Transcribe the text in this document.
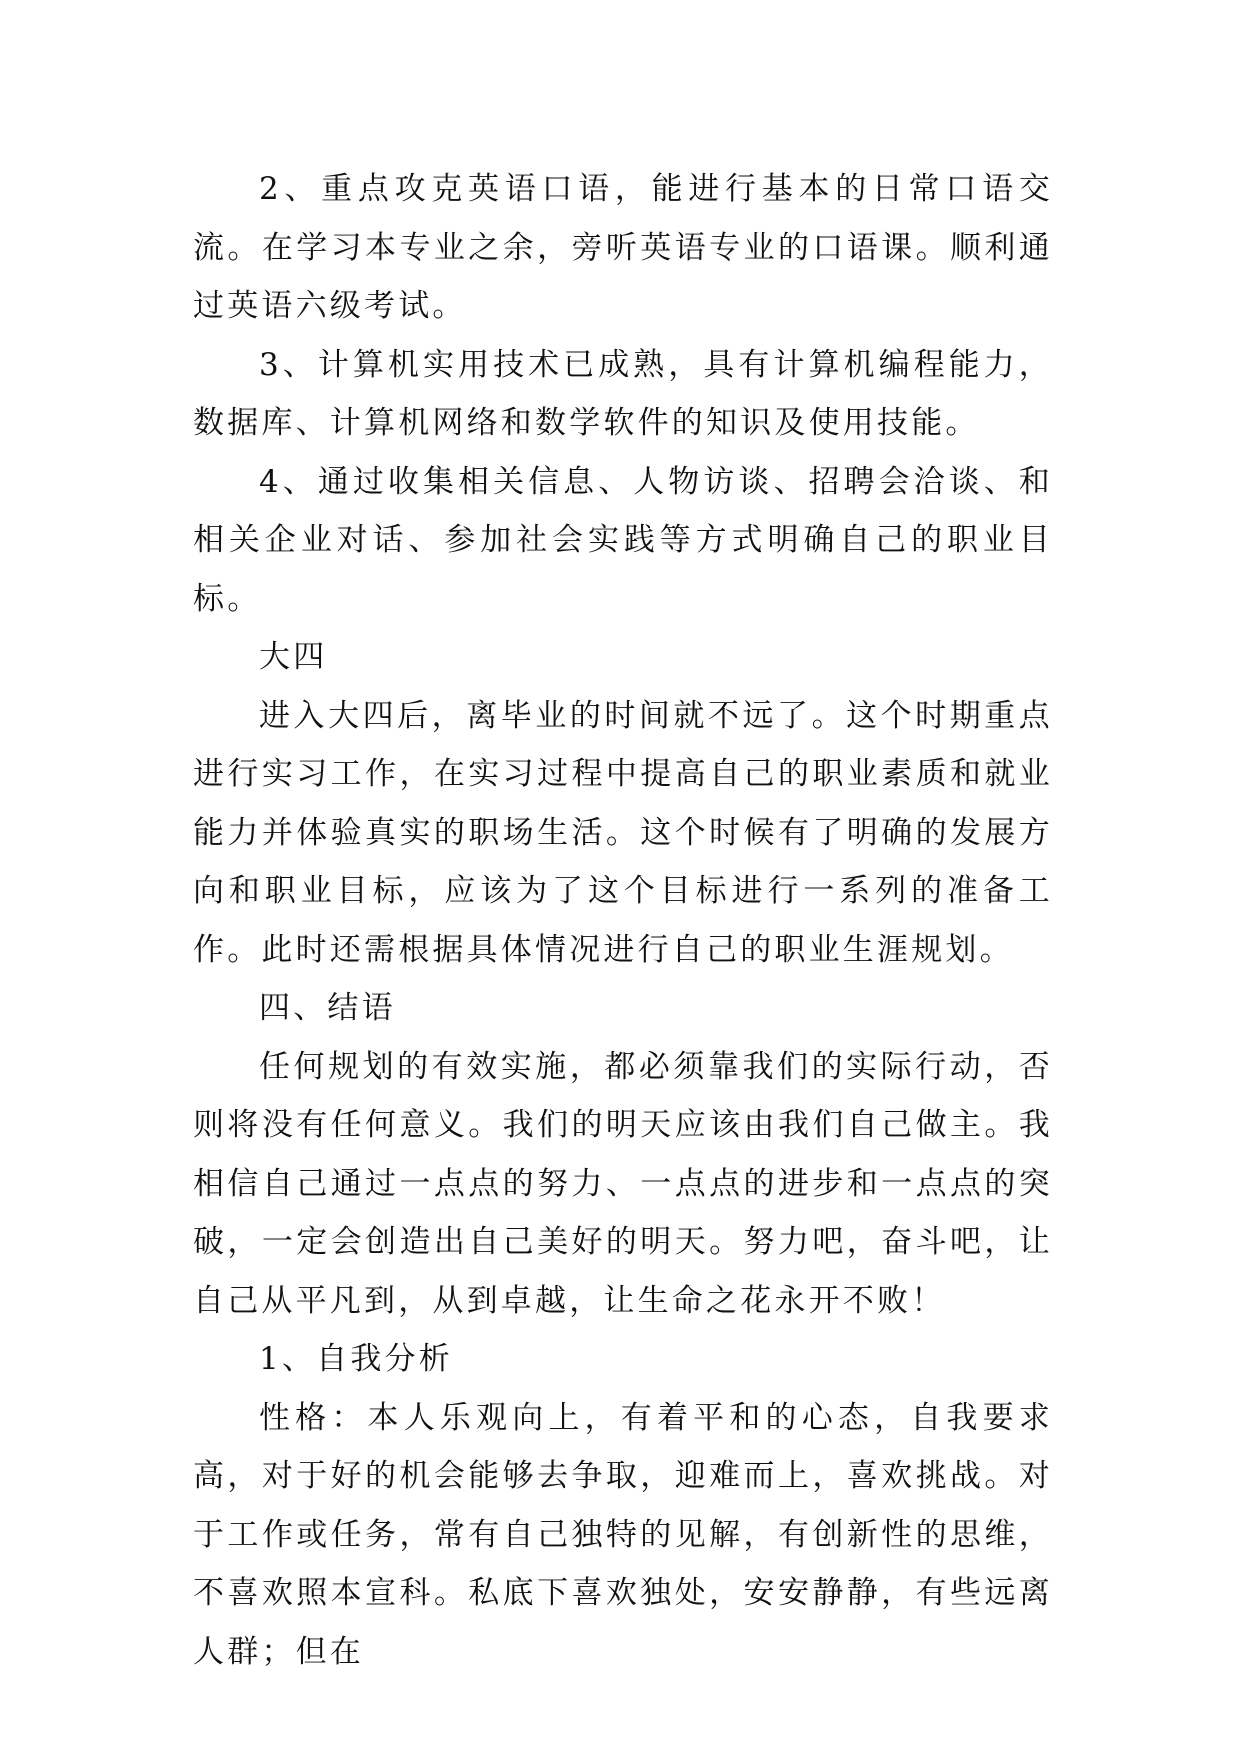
2、重点攻克英语口语，能进行基本的日常口语交流。在学习本专业之余，旁听英语专业的口语课。顺利通过英语六级考试。

3、计算机实用技术已成熟，具有计算机编程能力，数据库、计算机网络和数学软件的知识及使用技能。

4、通过收集相关信息、人物访谈、招聘会洽谈、和相关企业对话、参加社会实践等方式明确自己的职业目标。

大四

进入大四后，离毕业的时间就不远了。这个时期重点进行实习工作，在实习过程中提高自己的职业素质和就业能力并体验真实的职场生活。这个时候有了明确的发展方向和职业目标，应该为了这个目标进行一系列的准备工作。此时还需根据具体情况进行自己的职业生涯规划。

四、结语

任何规划的有效实施，都必须靠我们的实际行动，否则将没有任何意义。我们的明天应该由我们自己做主。我相信自己通过一点点的努力、一点点的进步和一点点的突破，一定会创造出自己美好的明天。努力吧，奋斗吧，让自己从平凡到，从到卓越，让生命之花永开不败！

1、自我分析

性格：本人乐观向上，有着平和的心态，自我要求高，对于好的机会能够去争取，迎难而上，喜欢挑战。对于工作或任务，常有自己独特的见解，有创新性的思维，不喜欢照本宣科。私底下喜欢独处，安安静静，有些远离人群；但在
